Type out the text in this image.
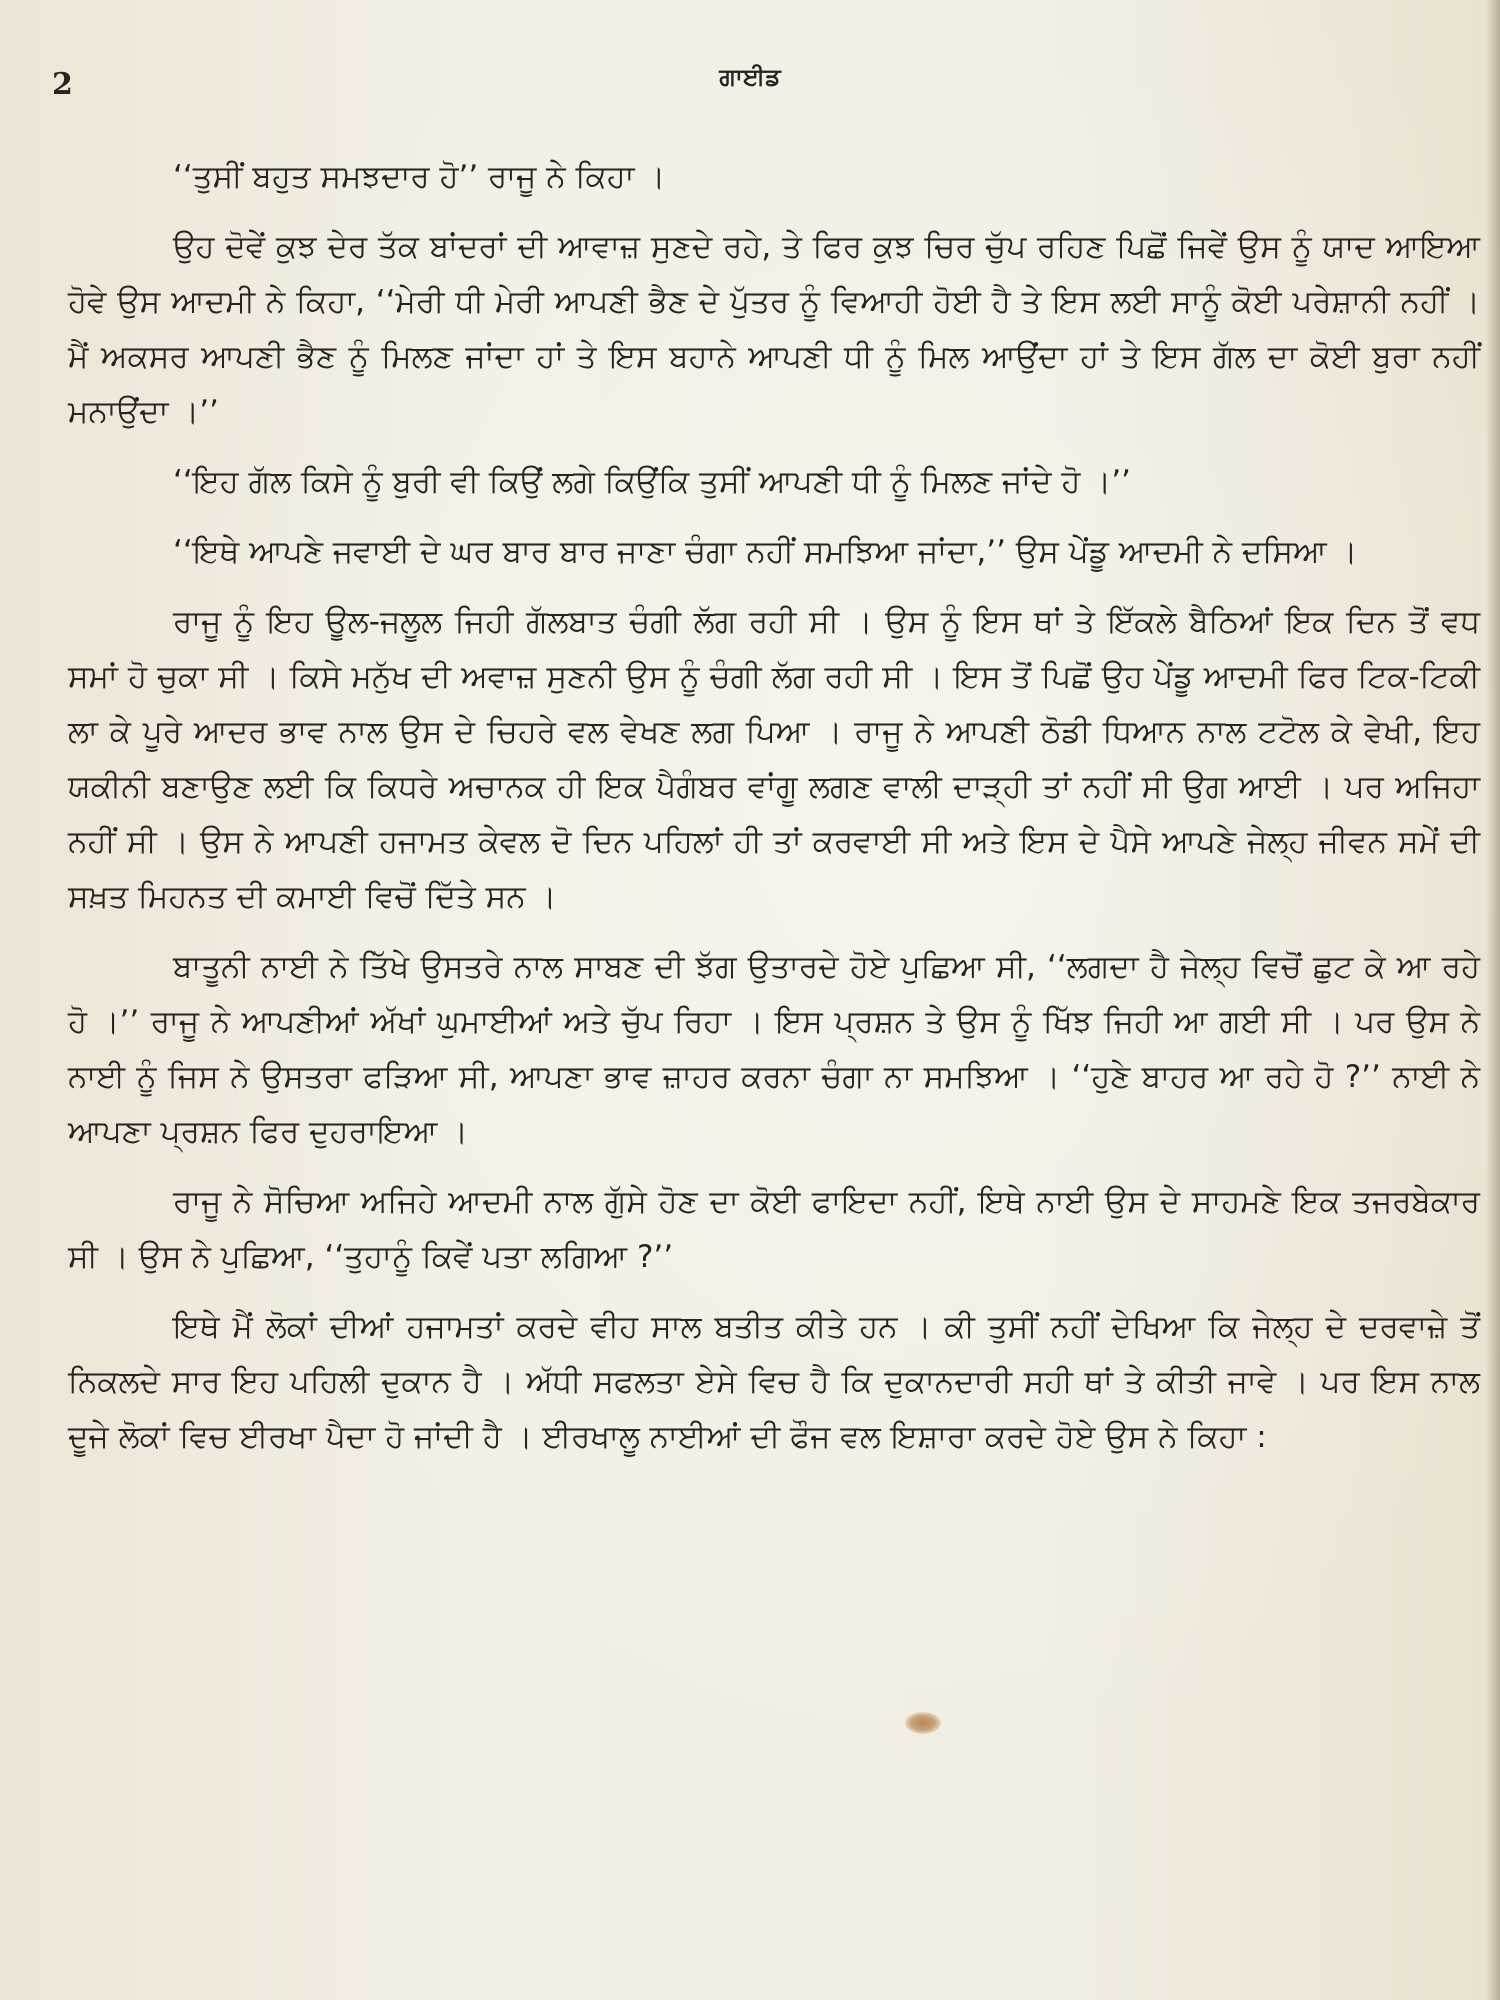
2	ਗਾਈਡ

‘‘ਤੁਸੀਂ ਬਹੁਤ ਸਮਝਦਾਰ ਹੋ’’ ਰਾਜੂ ਨੇ ਕਿਹਾ ।

ਉਹ ਦੋਵੇਂ ਕੁਝ ਦੇਰ ਤੱਕ ਬਾਂਦਰਾਂ ਦੀ ਆਵਾਜ਼ ਸੁਣਦੇ ਰਹੇ, ਤੇ ਫਿਰ ਕੁਝ ਚਿਰ ਚੁੱਪ ਰਹਿਣ ਪਿਛੋਂ ਜਿਵੇਂ ਉਸ ਨੂੰ ਯਾਦ ਆਇਆ ਹੋਵੇ ਉਸ ਆਦਮੀ ਨੇ ਕਿਹਾ, ‘‘ਮੇਰੀ ਧੀ ਮੇਰੀ ਆਪਣੀ ਭੈਣ ਦੇ ਪੁੱਤਰ ਨੂੰ ਵਿਆਹੀ ਹੋਈ ਹੈ ਤੇ ਇਸ ਲਈ ਸਾਨੂੰ ਕੋਈ ਪਰੇਸ਼ਾਨੀ ਨਹੀਂ । ਮੈਂ ਅਕਸਰ ਆਪਣੀ ਭੈਣ ਨੂੰ ਮਿਲਣ ਜਾਂਦਾ ਹਾਂ ਤੇ ਇਸ ਬਹਾਨੇ ਆਪਣੀ ਧੀ ਨੂੰ ਮਿਲ ਆਉਂਦਾ ਹਾਂ ਤੇ ਇਸ ਗੱਲ ਦਾ ਕੋਈ ਬੁਰਾ ਨਹੀਂ ਮਨਾਉਂਦਾ ।’’

‘‘ਇਹ ਗੱਲ ਕਿਸੇ ਨੂੰ ਬੁਰੀ ਵੀ ਕਿਉਂ ਲਗੇ ਕਿਉਂਕਿ ਤੁਸੀਂ ਆਪਣੀ ਧੀ ਨੂੰ ਮਿਲਣ ਜਾਂਦੇ ਹੋ ।’’

‘‘ਇਥੇ ਆਪਣੇ ਜਵਾਈ ਦੇ ਘਰ ਬਾਰ ਬਾਰ ਜਾਣਾ ਚੰਗਾ ਨਹੀਂ ਸਮਝਿਆ ਜਾਂਦਾ,’’ ਉਸ ਪੇਂਡੂ ਆਦਮੀ ਨੇ ਦਸਿਆ ।

ਰਾਜੂ ਨੂੰ ਇਹ ਊਲ-ਜਲੂਲ ਜਿਹੀ ਗੱਲਬਾਤ ਚੰਗੀ ਲੱਗ ਰਹੀ ਸੀ । ਉਸ ਨੂੰ ਇਸ ਥਾਂ ਤੇ ਇੱਕਲੇ ਬੈਠਿਆਂ ਇਕ ਦਿਨ ਤੋਂ ਵਧ ਸਮਾਂ ਹੋ ਚੁਕਾ ਸੀ । ਕਿਸੇ ਮਨੁੱਖ ਦੀ ਅਵਾਜ਼ ਸੁਣਨੀ ਉਸ ਨੂੰ ਚੰਗੀ ਲੱਗ ਰਹੀ ਸੀ । ਇਸ ਤੋਂ ਪਿਛੋਂ ਉਹ ਪੇਂਡੂ ਆਦਮੀ ਫਿਰ ਟਿਕ-ਟਿਕੀ ਲਾ ਕੇ ਪੂਰੇ ਆਦਰ ਭਾਵ ਨਾਲ ਉਸ ਦੇ ਚਿਹਰੇ ਵਲ ਵੇਖਣ ਲਗ ਪਿਆ । ਰਾਜੂ ਨੇ ਆਪਣੀ ਠੋਡੀ ਧਿਆਨ ਨਾਲ ਟਟੋਲ ਕੇ ਵੇਖੀ, ਇਹ ਯਕੀਨੀ ਬਣਾਉਣ ਲਈ ਕਿ ਕਿਧਰੇ ਅਚਾਨਕ ਹੀ ਇਕ ਪੈਗੰਬਰ ਵਾਂਗੂ ਲਗਣ ਵਾਲੀ ਦਾੜ੍ਹੀ ਤਾਂ ਨਹੀਂ ਸੀ ਉਗ ਆਈ । ਪਰ ਅਜਿਹਾ ਨਹੀਂ ਸੀ । ਉਸ ਨੇ ਆਪਣੀ ਹਜਾਮਤ ਕੇਵਲ ਦੋ ਦਿਨ ਪਹਿਲਾਂ ਹੀ ਤਾਂ ਕਰਵਾਈ ਸੀ ਅਤੇ ਇਸ ਦੇ ਪੈਸੇ ਆਪਣੇ ਜੇਲ੍ਹ ਜੀਵਨ ਸਮੇਂ ਦੀ ਸਖ਼ਤ ਮਿਹਨਤ ਦੀ ਕਮਾਈ ਵਿਚੋਂ ਦਿੱਤੇ ਸਨ ।

ਬਾਤੂਨੀ ਨਾਈ ਨੇ ਤਿੱਖੇ ਉਸਤਰੇ ਨਾਲ ਸਾਬਣ ਦੀ ਝੱਗ ਉਤਾਰਦੇ ਹੋਏ ਪੁਛਿਆ ਸੀ, ‘‘ਲਗਦਾ ਹੈ ਜੇਲ੍ਹ ਵਿਚੋਂ ਛੁਟ ਕੇ ਆ ਰਹੇ ਹੋ ।’’ ਰਾਜੂ ਨੇ ਆਪਣੀਆਂ ਅੱਖਾਂ ਘੁਮਾਈਆਂ ਅਤੇ ਚੁੱਪ ਰਿਹਾ । ਇਸ ਪ੍ਰਸ਼ਨ ਤੇ ਉਸ ਨੂੰ ਖਿੱਝ ਜਿਹੀ ਆ ਗਈ ਸੀ । ਪਰ ਉਸ ਨੇ ਨਾਈ ਨੂੰ ਜਿਸ ਨੇ ਉਸਤਰਾ ਫੜਿਆ ਸੀ, ਆਪਣਾ ਭਾਵ ਜ਼ਾਹਰ ਕਰਨਾ ਚੰਗਾ ਨਾ ਸਮਝਿਆ । ‘‘ਹੁਣੇ ਬਾਹਰ ਆ ਰਹੇ ਹੋ ?’’ ਨਾਈ ਨੇ ਆਪਣਾ ਪ੍ਰਸ਼ਨ ਫਿਰ ਦੁਹਰਾਇਆ ।

ਰਾਜੂ ਨੇ ਸੋਚਿਆ ਅਜਿਹੇ ਆਦਮੀ ਨਾਲ ਗੁੱਸੇ ਹੋਣ ਦਾ ਕੋਈ ਫਾਇਦਾ ਨਹੀਂ, ਇਥੇ ਨਾਈ ਉਸ ਦੇ ਸਾਹਮਣੇ ਇਕ ਤਜਰਬੇਕਾਰ ਸੀ । ਉਸ ਨੇ ਪੁਛਿਆ, ‘‘ਤੁਹਾਨੂੰ ਕਿਵੇਂ ਪਤਾ ਲਗਿਆ ?’’

ਇਥੇ ਮੈਂ ਲੋਕਾਂ ਦੀਆਂ ਹਜਾਮਤਾਂ ਕਰਦੇ ਵੀਹ ਸਾਲ ਬਤੀਤ ਕੀਤੇ ਹਨ । ਕੀ ਤੁਸੀਂ ਨਹੀਂ ਦੇਖਿਆ ਕਿ ਜੇਲ੍ਹ ਦੇ ਦਰਵਾਜ਼ੇ ਤੋਂ ਨਿਕਲਦੇ ਸਾਰ ਇਹ ਪਹਿਲੀ ਦੁਕਾਨ ਹੈ । ਅੱਧੀ ਸਫਲਤਾ ਏਸੇ ਵਿਚ ਹੈ ਕਿ ਦੁਕਾਨਦਾਰੀ ਸਹੀ ਥਾਂ ਤੇ ਕੀਤੀ ਜਾਵੇ । ਪਰ ਇਸ ਨਾਲ ਦੂਜੇ ਲੋਕਾਂ ਵਿਚ ਈਰਖਾ ਪੈਦਾ ਹੋ ਜਾਂਦੀ ਹੈ । ਈਰਖਾਲੂ ਨਾਈਆਂ ਦੀ ਫੌਜ ਵਲ ਇਸ਼ਾਰਾ ਕਰਦੇ ਹੋਏ ਉਸ ਨੇ ਕਿਹਾ :
